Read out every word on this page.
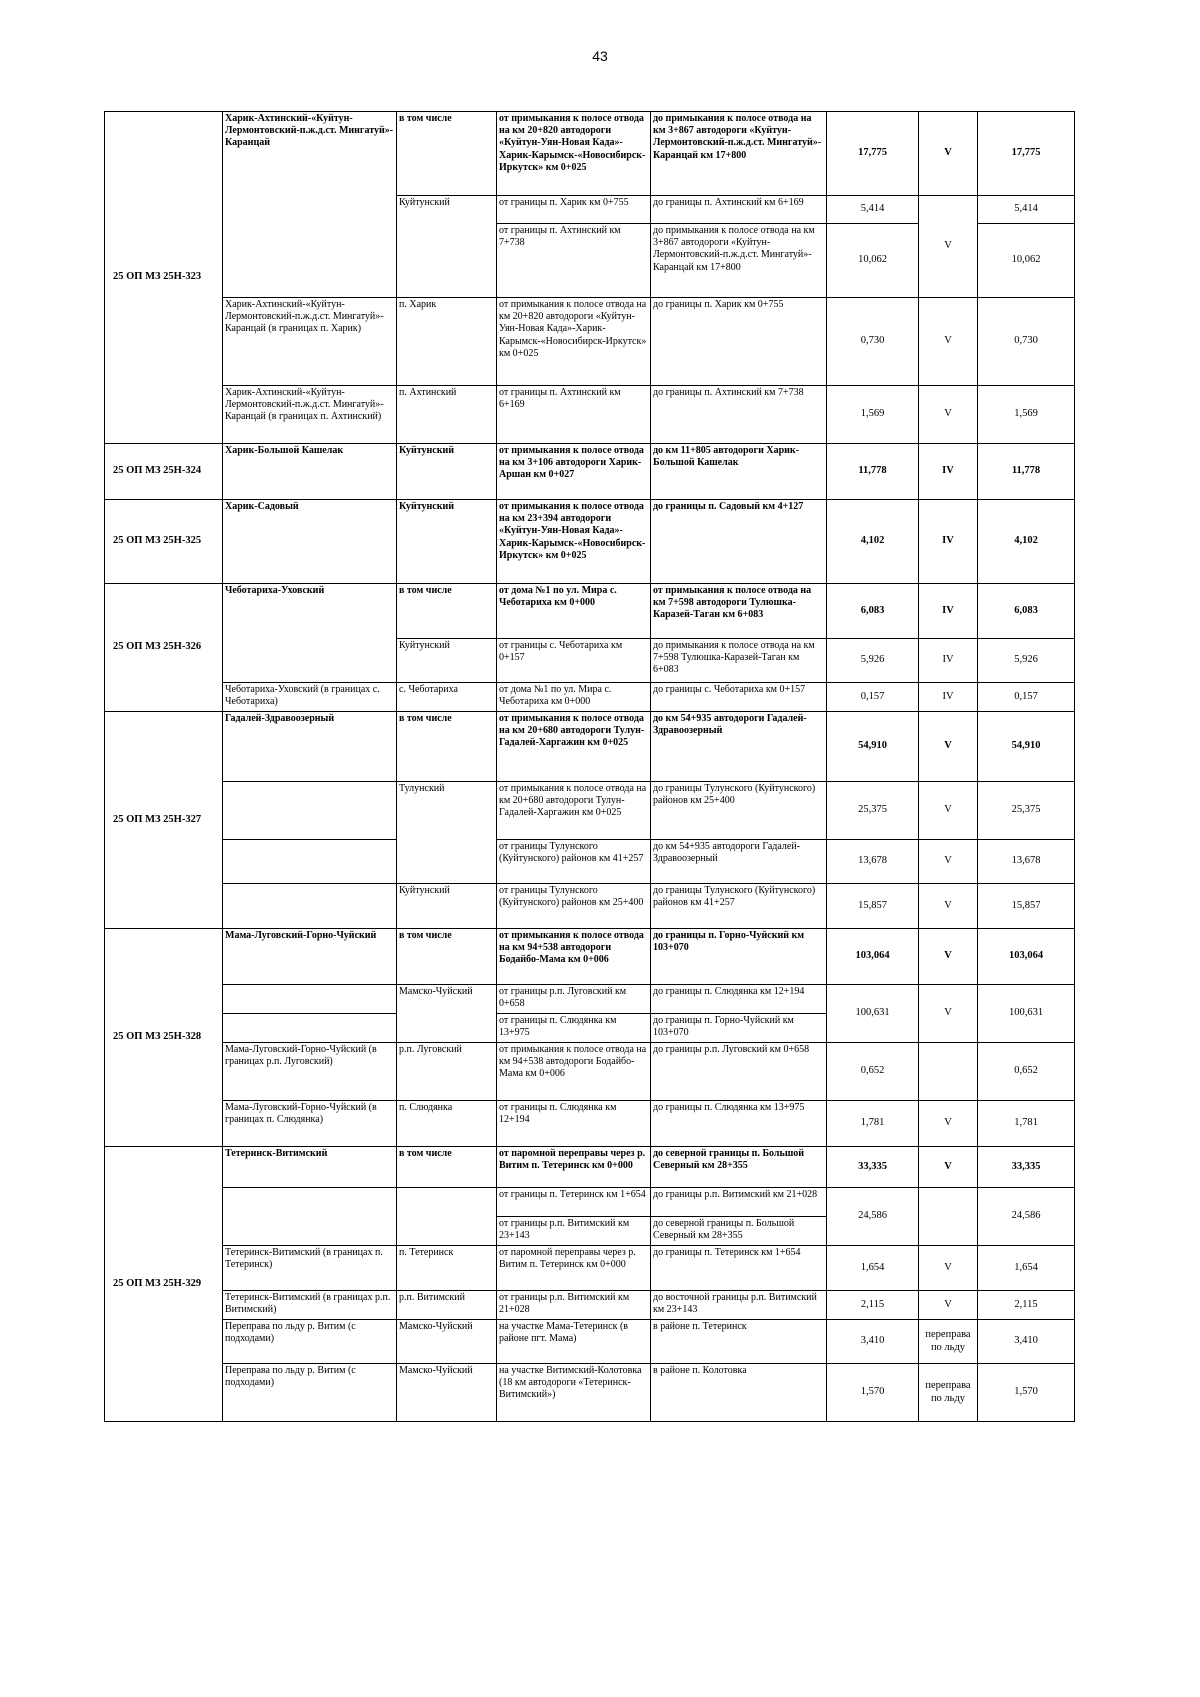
43
25 ОП МЗ 25Н-323	Харик-Ахтинский-«Куйтун-Лермонтовский-п.ж.д.ст. Мингатуй»-Каранцай	в том числе	от примыкания к полосе отвода на км 20+820 автодороги «Куйтун-Уян-Новая Када»-Харик-Карымск-«Новосибирск-Иркутск» км 0+025	до примыкания к полосе отвода на км 3+867 автодороги «Куйтун-Лермонтовский-п.ж.д.ст. Мингатуй»-Каранцай км 17+800	17,775	V	17,775
		Куйтунский	от границы п. Харик км 0+755	до границы п. Ахтинский км 6+169	5,414	V	5,414
			от границы п. Ахтинский км 7+738	до примыкания к полосе отвода на км 3+867 автодороги «Куйтун-Лермонтовский-п.ж.д.ст. Мингатуй»-Каранцай км 17+800	10,062		10,062
	Харик-Ахтинский-«Куйтун-Лермонтовский-п.ж.д.ст. Мингатуй»-Каранцай (в границах п. Харик)	п. Харик	от примыкания к полосе отвода на км 20+820 автодороги «Куйтун-Уян-Новая Када»-Харик-Карымск-«Новосибирск-Иркутск» км 0+025	до границы п. Харик км 0+755	0,730	V	0,730
	Харик-Ахтинский-«Куйтун-Лермонтовский-п.ж.д.ст. Мингатуй»-Каранцай (в границах п. Ахтинский)	п. Ахтинский	от границы п. Ахтинский км 6+169	до границы п. Ахтинский км 7+738	1,569	V	1,569
25 ОП МЗ 25Н-324	Харик-Большой Кашелак	Куйтунский	от примыкания к полосе отвода на км 3+106 автодороги Харик-Аршан км 0+027	до км 11+805 автодороги Харик-Большой Кашелак	11,778	IV	11,778
25 ОП МЗ 25Н-325	Харик-Садовый	Куйтунский	от примыкания к полосе отвода на км 23+394 автодороги «Куйтун-Уян-Новая Када»-Харик-Карымск-«Новосибирск-Иркутск» км 0+025	до границы п. Садовый км 4+127	4,102	IV	4,102
25 ОП МЗ 25Н-326	Чеботариха-Уховский	в том числе	от дома №1 по ул. Мира с. Чеботариха км 0+000	от примыкания к полосе отвода на км 7+598 автодороги Тулюшка-Каразей-Таган км 6+083	6,083	IV	6,083
		Куйтунский	от границы с. Чеботариха км 0+157	до примыкания к полосе отвода на км 7+598 Тулюшка-Каразей-Таган км 6+083	5,926	IV	5,926
	Чеботариха-Уховский (в границах с. Чеботариха)	с. Чеботариха	от дома №1 по ул. Мира с. Чеботариха км 0+000	до границы с. Чеботариха км 0+157	0,157	IV	0,157
25 ОП МЗ 25Н-327	Гадалей-Здравоозерный	в том числе	от примыкания к полосе отвода на км 20+680 автодороги Тулун-Гадалей-Харгажин км 0+025	до км 54+935 автодороги Гадалей-Здравоозерный	54,910	V	54,910
		Тулунский	от примыкания к полосе отвода на км 20+680 автодороги Тулун-Гадалей-Харгажин км 0+025	до границы Тулунского (Куйтунского) районов км 25+400	25,375	V	25,375
			от границы Тулунского (Куйтунского) районов км 41+257	до км 54+935 автодороги Гадалей-Здравоозерный	13,678	V	13,678
		Куйтунский	от границы Тулунского (Куйтунского) районов км 25+400	до границы Тулунского (Куйтунского) районов км 41+257	15,857	V	15,857
25 ОП МЗ 25Н-328	Мама-Луговский-Горно-Чуйский	в том числе	от примыкания к полосе отвода на км 94+538 автодороги Бодайбо-Мама км 0+006	до границы п. Горно-Чуйский км 103+070	103,064	V	103,064
		Мамско-Чуйский	от границы р.п. Луговский км 0+658	до границы п. Слюдянка км 12+194	100,631	V	100,631
			от границы п. Слюдянка км 13+975	до границы п. Горно-Чуйский км 103+070			
	Мама-Луговский-Горно-Чуйский (в границах р.п. Луговский)	р.п. Луговский	от примыкания к полосе отвода на км 94+538 автодороги Бодайбо-Мама км 0+006	до границы р.п. Луговский км 0+658	0,652		0,652
	Мама-Луговский-Горно-Чуйский (в границах п. Слюдянка)	п. Слюдянка	от границы п. Слюдянка км 12+194	до границы п. Слюдянка км 13+975	1,781	V	1,781
25 ОП МЗ 25Н-329	Тетеринск-Витимский	в том числе	от паромной переправы через р. Витим п. Тетеринск км 0+000	до северной границы п. Большой Северный км 28+355	33,335	V	33,335
			от границы п. Тетеринск км 1+654	до границы р.п. Витимский км 21+028	24,586		24,586
			от границы р.п. Витимский км 23+143	до северной границы п. Большой Северный км 28+355			
	Тетеринск-Витимский (в границах п. Тетеринск)	п. Тетеринск	от паромной переправы через р. Витим п. Тетеринск км 0+000	до границы п. Тетеринск км 1+654	1,654	V	1,654
	Тетеринск-Витимский (в границах р.п. Витимский)	р.п. Витимский	от границы р.п. Витимский км 21+028	до восточной границы р.п. Витимский км 23+143	2,115	V	2,115
	Переправа по льду р. Витим (с подходами)	Мамско-Чуйский	на участке Мама-Тетеринск (в районе пгт. Мама)	в районе п. Тетеринск	3,410	переправа по льду	3,410
	Переправа по льду р. Витим (с подходами)	Мамско-Чуйский	на участке Витимский-Колотовка (18 км автодороги «Тетеринск-Витимский»)	в районе п. Колотовка	1,570	переправа по льду	1,570
